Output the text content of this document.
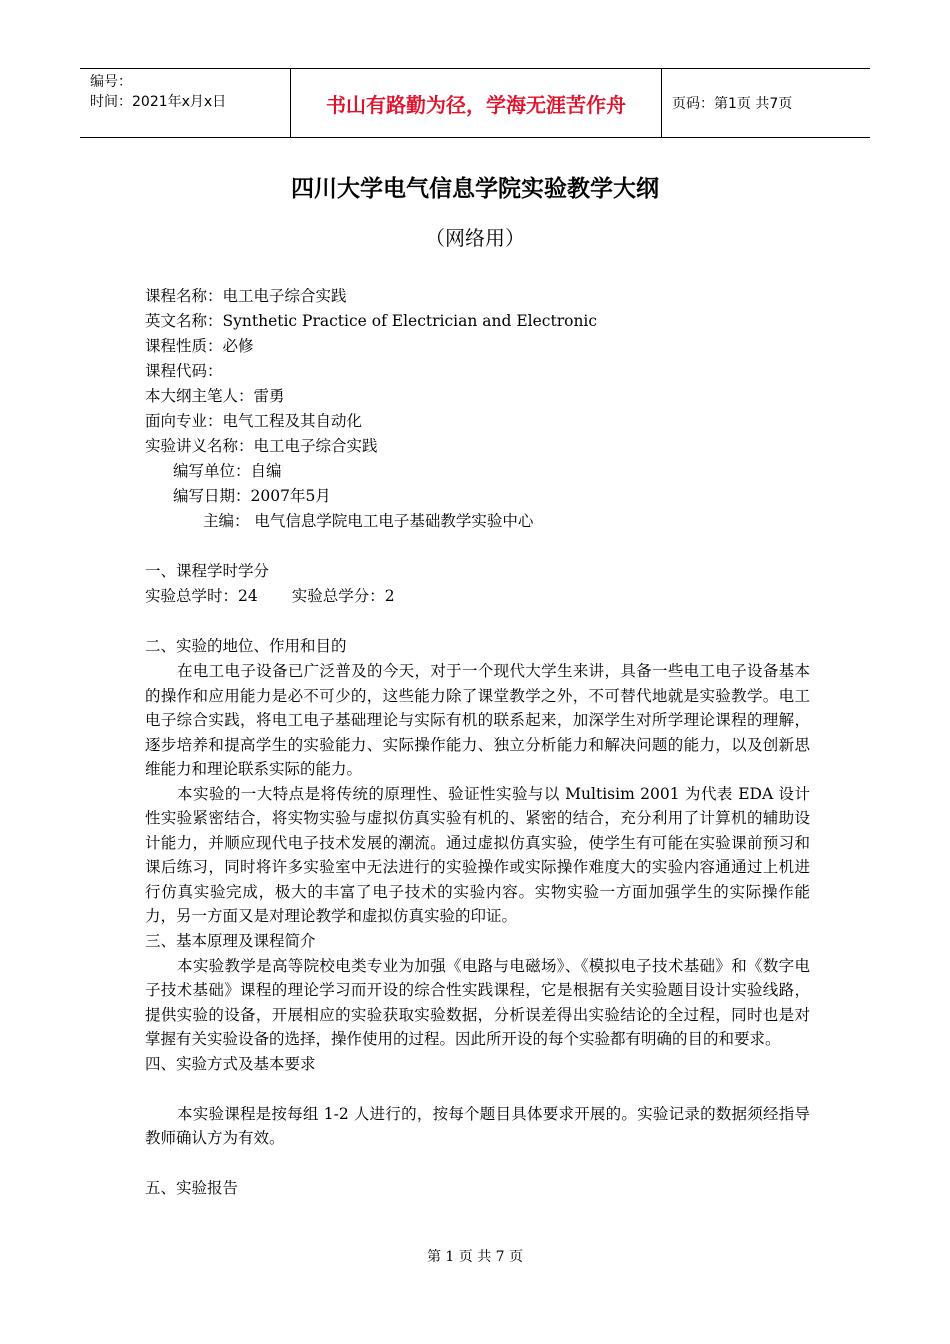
编号：
时间：2021年x月x日	书山有路勤为径，学海无涯苦作舟	页码：第1页 共7页
四川大学电气信息学院实验教学大纲
（网络用）
课程名称：电工电子综合实践
英文名称：Synthetic Practice of Electrician and Electronic
课程性质：必修
课程代码：
本大纲主笔人：雷勇
面向专业：电气工程及其自动化
实验讲义名称：电工电子综合实践
编写单位：自编
编写日期：2007年5月
主编： 电气信息学院电工电子基础教学实验中心
一、课程学时学分
实验总学时：24 实验总学分：2
二、实验的地位、作用和目的

在电工电子设备已广泛普及的今天，对于一个现代大学生来讲，具备一些电工电子设备基本的操作和应用能力是必不可少的，这些能力除了课堂教学之外，不可替代地就是实验教学。电工电子综合实践，将电工电子基础理论与实际有机的联系起来，加深学生对所学理论课程的理解，逐步培养和提高学生的实验能力、实际操作能力、独立分析能力和解决问题的能力，以及创新思维能力和理论联系实际的能力。

本实验的一大特点是将传统的原理性、验证性实验与以 Multisim 2001 为代表 EDA 设计性实验紧密结合，将实物实验与虚拟仿真实验有机的、紧密的结合，充分利用了计算机的辅助设计能力，并顺应现代电子技术发展的潮流。通过虚拟仿真实验，使学生有可能在实验课前预习和课后练习，同时将许多实验室中无法进行的实验操作或实际操作难度大的实验内容通通过上机进行仿真实验完成，极大的丰富了电子技术的实验内容。实物实验一方面加强学生的实际操作能力，另一方面又是对理论教学和虚拟仿真实验的印证。

三、基本原理及课程简介

本实验教学是高等院校电类专业为加强《电路与电磁场》、《模拟电子技术基础》和《数字电子技术基础》课程的理论学习而开设的综合性实践课程，它是根据有关实验题目设计实验线路，提供实验的设备，开展相应的实验获取实验数据，分析误差得出实验结论的全过程，同时也是对掌握有关实验设备的选择，操作使用的过程。因此所开设的每个实验都有明确的目的和要求。

四、实验方式及基本要求

本实验课程是按每组 1-2 人进行的，按每个题目具体要求开展的。实验记录的数据须经指导教师确认方为有效。

五、实验报告
第 1 页 共 7 页
